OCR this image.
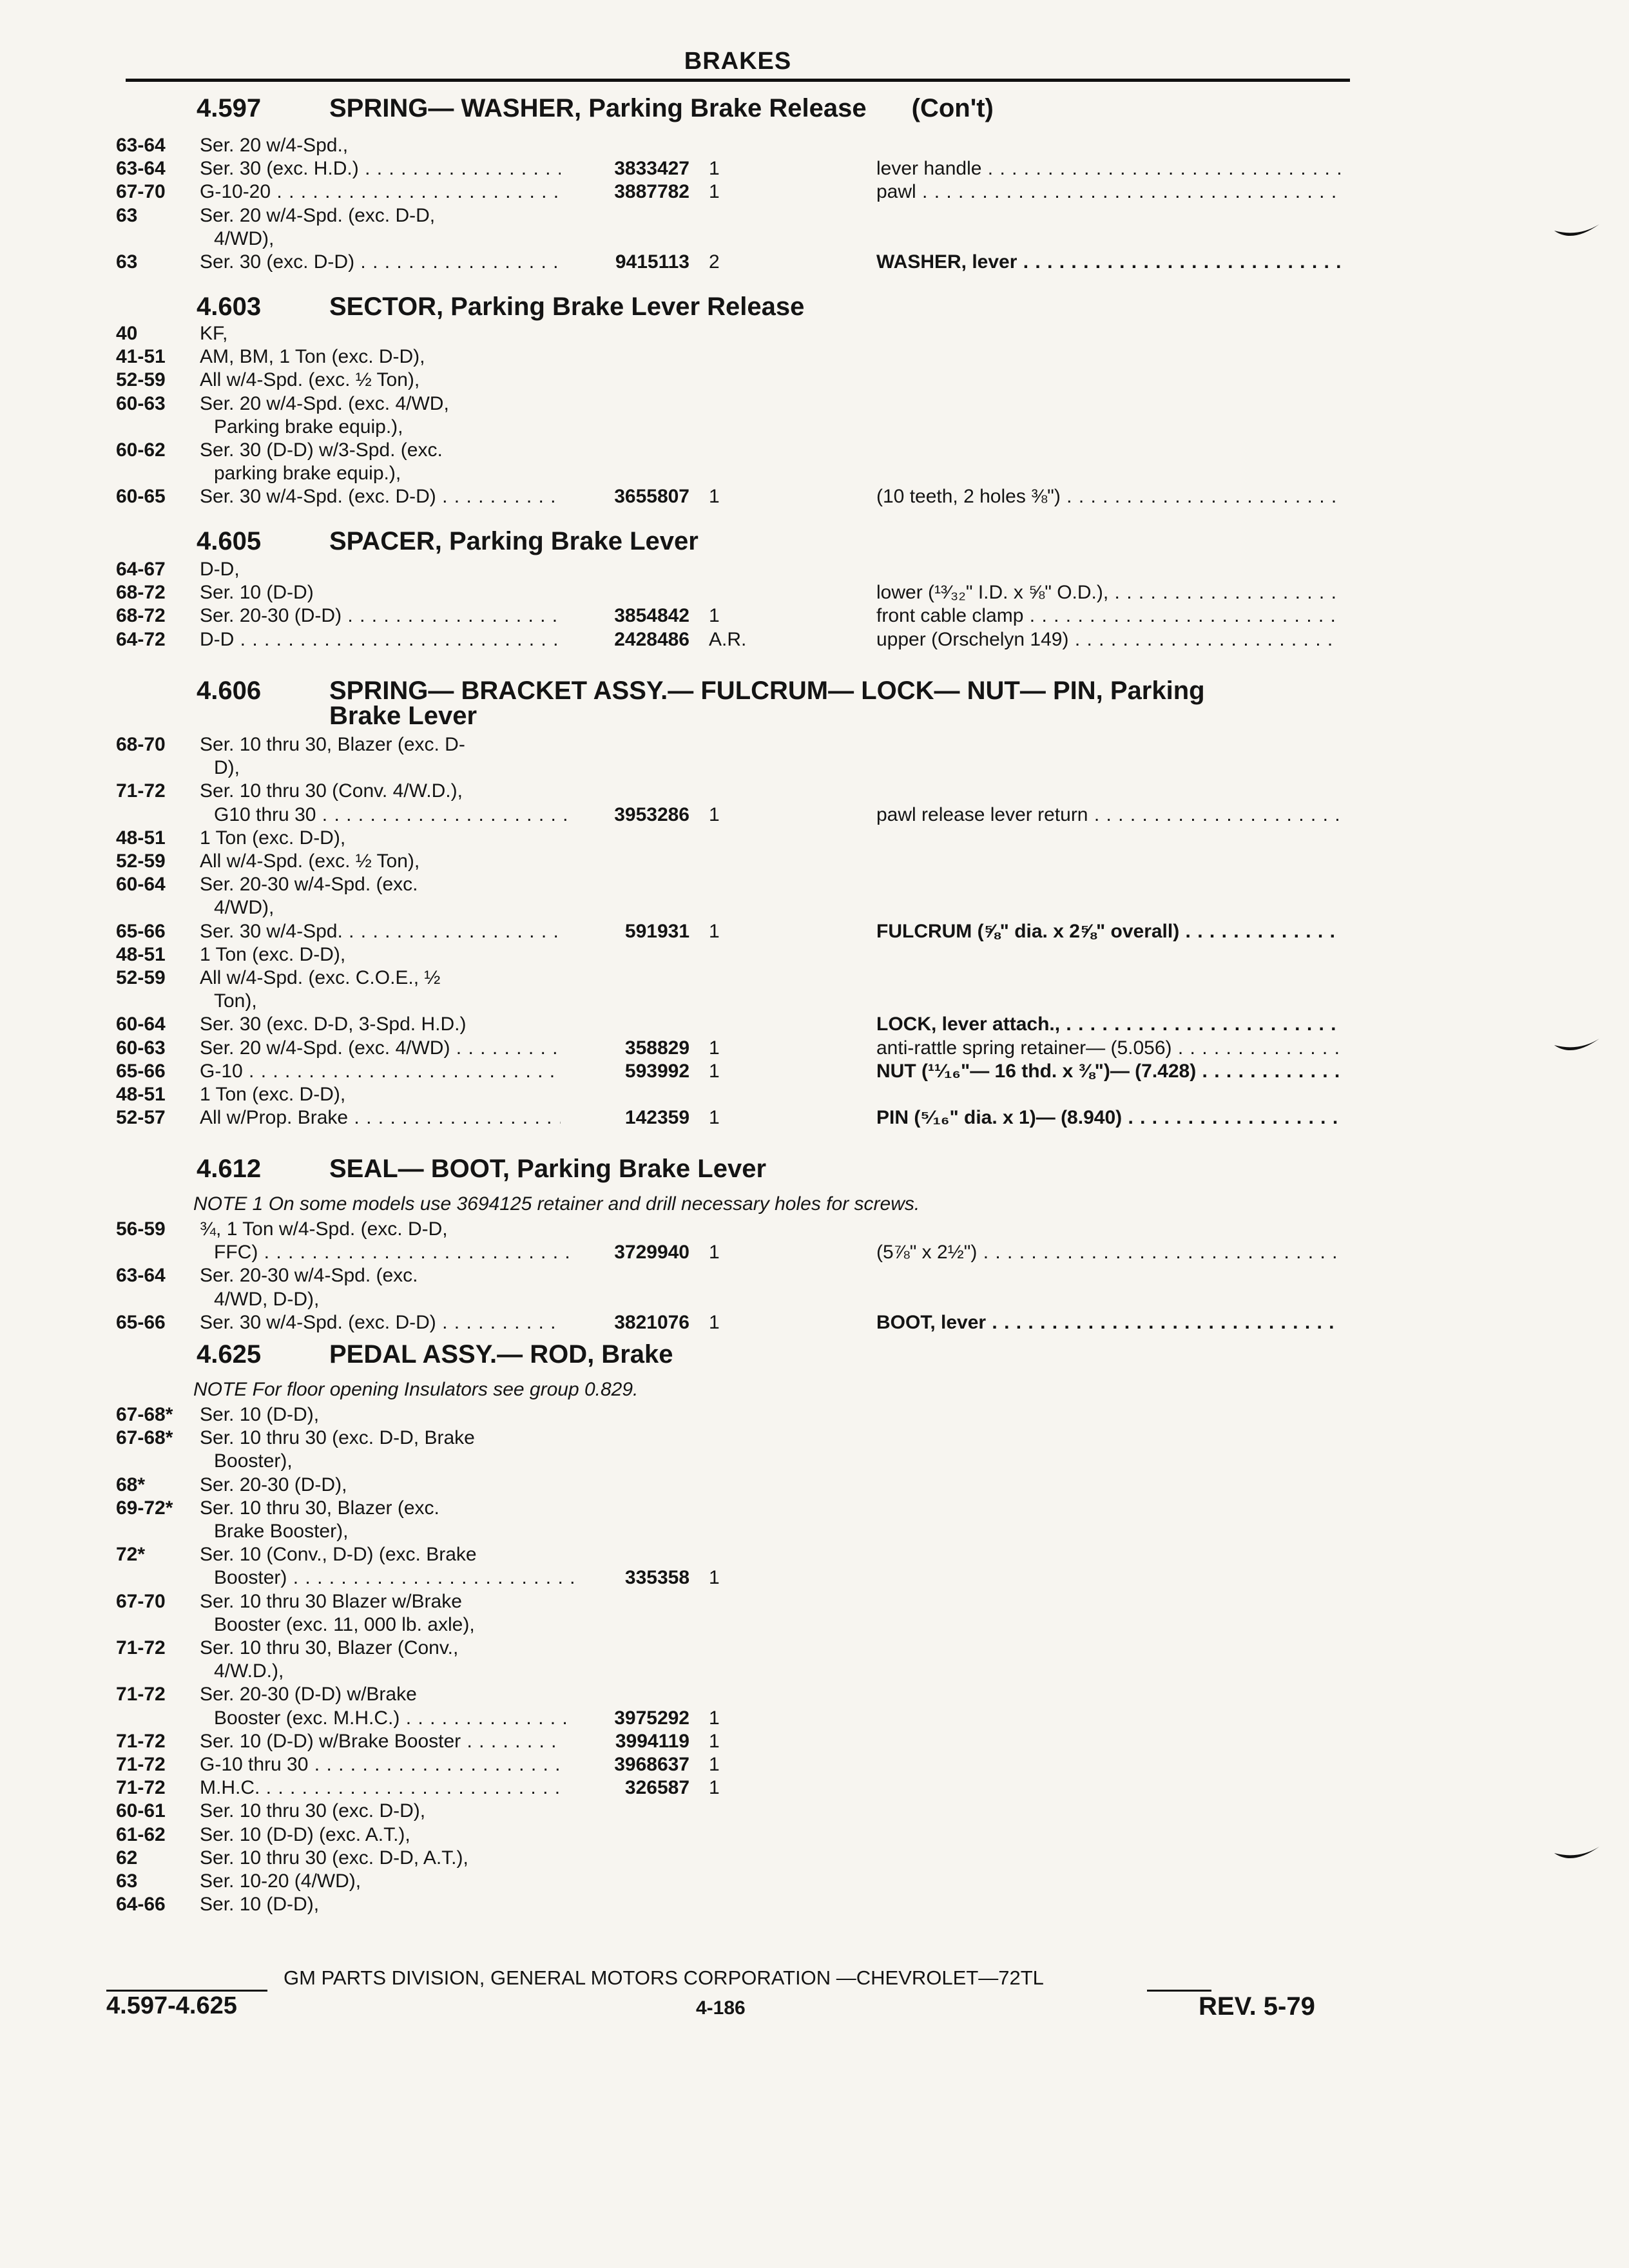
BRAKES
4.597	SPRING— WASHER, Parking Brake Release (Con't)
63-64	Ser. 20 w/4-Spd.,
63-64	Ser. 30 (exc. H.D.) . . .	3833427 1	lever handle . . .
67-70	G-10-20 . . .	3887782 1	pawl . . .
63	Ser. 20 w/4-Spd. (exc. D-D,
4/WD),
63	Ser. 30 (exc. D-D) . . .	9415113 2	WASHER, lever . . .
4.603	SECTOR, Parking Brake Lever Release
40	KF,
41-51	AM, BM, 1 Ton (exc. D-D),
52-59	All w/4-Spd. (exc. ½ Ton),
60-63	Ser. 20 w/4-Spd. (exc. 4/WD,
Parking brake equip.),
60-62	Ser. 30 (D-D) w/3-Spd. (exc.
parking brake equip.),
60-65	Ser. 30 w/4-Spd. (exc. D-D) . . .	3655807 1	(10 teeth, 2 holes ⅜") . . .
4.605	SPACER, Parking Brake Lever
64-67	D-D,
68-72	Ser. 10 (D-D)	lower (¹³⁄₃₂" I.D. x ⅝" O.D.), . . .
68-72	Ser. 20-30 (D-D) . . .	3854842 1	front cable clamp . . .
64-72	D-D . . .	2428486 A.R.	upper (Orschelyn 149) . . .
4.606	SPRING— BRACKET ASSY.— FULCRUM— LOCK— NUT— PIN, Parking
Brake Lever
68-70	Ser. 10 thru 30, Blazer (exc. D-
D),
71-72	Ser. 10 thru 30 (Conv. 4/W.D.),
G10 thru 30 . . .	3953286 1	pawl release lever return . . .
48-51	1 Ton (exc. D-D),
52-59	All w/4-Spd. (exc. ½ Ton),
60-64	Ser. 20-30 w/4-Spd. (exc.
4/WD),
65-66	Ser. 30 w/4-Spd. . . .	591931 1	FULCRUM (⅝" dia. x 2⅝" overall) . . .
48-51	1 Ton (exc. D-D),
52-59	All w/4-Spd. (exc. C.O.E., ½
Ton),
60-64	Ser. 30 (exc. D-D, 3-Spd. H.D.)	LOCK, lever attach., . . .
60-63	Ser. 20 w/4-Spd. (exc. 4/WD) . . .	358829 1	anti-rattle spring retainer— (5.056) . . .
65-66	G-10 . . .	593992 1	NUT (¹¹⁄₁₆"— 16 thd. x ⅜")— (7.428) . . .
48-51	1 Ton (exc. D-D),
52-57	All w/Prop. Brake . . .	142359 1	PIN (⁵⁄₁₆" dia. x 1)— (8.940) . . .
4.612	SEAL— BOOT, Parking Brake Lever
NOTE 1 On some models use 3694125 retainer and drill necessary holes for screws.
56-59	¾, 1 Ton w/4-Spd. (exc. D-D,
FFC) . . .	3729940 1	(5⅞" x 2½") . . .
63-64	Ser. 20-30 w/4-Spd. (exc.
4/WD, D-D),
65-66	Ser. 30 w/4-Spd. (exc. D-D) . . .	3821076 1	BOOT, lever . . .
4.625	PEDAL ASSY.— ROD, Brake
NOTE For floor opening Insulators see group 0.829.
67-68*	Ser. 10 (D-D),
67-68*	Ser. 10 thru 30 (exc. D-D, Brake
Booster),
68*	Ser. 20-30 (D-D),
69-72*	Ser. 10 thru 30, Blazer (exc.
Brake Booster),
72*	Ser. 10 (Conv., D-D) (exc. Brake
Booster) . . .	335358 1
67-70	Ser. 10 thru 30 Blazer w/Brake
Booster (exc. 11, 000 lb. axle),
71-72	Ser. 10 thru 30, Blazer (Conv.,
4/W.D.),
71-72	Ser. 20-30 (D-D) w/Brake
Booster (exc. M.H.C.) . . .	3975292 1
71-72	Ser. 10 (D-D) w/Brake Booster . . .	3994119 1
71-72	G-10 thru 30 . . .	3968637 1
71-72	M.H.C. . . .	326587 1
60-61	Ser. 10 thru 30 (exc. D-D),
61-62	Ser. 10 (D-D) (exc. A.T.),
62	Ser. 10 thru 30 (exc. D-D, A.T.),
63	Ser. 10-20 (4/WD),
64-66	Ser. 10 (D-D),
GM PARTS DIVISION, GENERAL MOTORS CORPORATION —CHEVROLET—72TL
4.597-4.625	4-186	REV. 5-79
